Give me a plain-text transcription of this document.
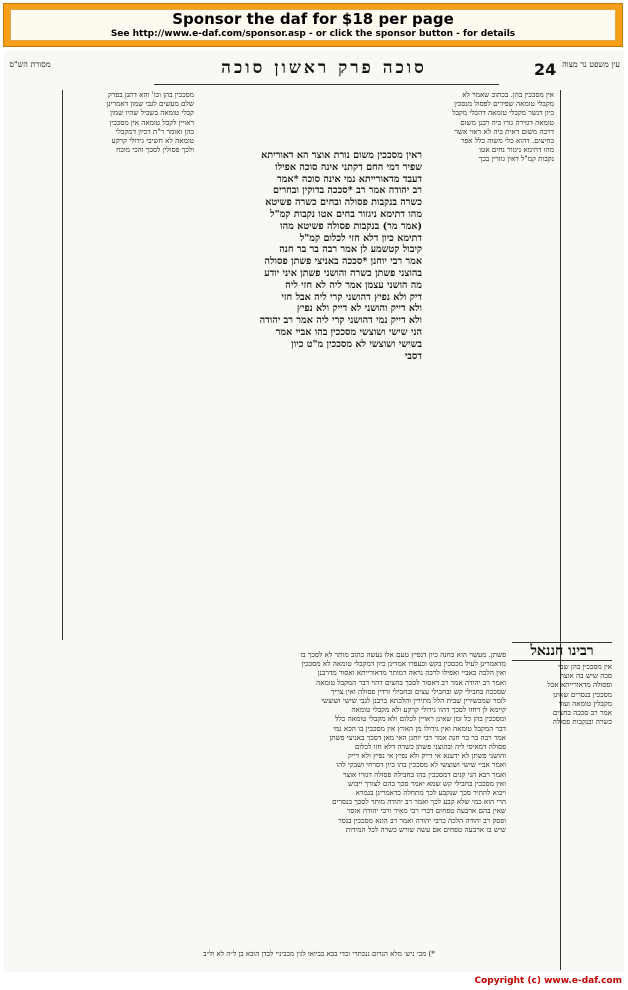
Sponsor the daf for $18 per page
See http://www.e-daf.com/sponsor.asp - or click the sponsor button - for details
24
סוכה פרק ראשון סוכה	עין משפט נר מצוה
מסורת הש"ס

ראין מסככין משום נורת אוצר הא דאוריתא

שפיר דמי החם דקתני אינה סוכה אפילו

דעבד מדאורייתא נמי אינה סוכה *אמר

רב יהודה אמר רב *סככה בדוקין ובחרים

כשרה בנקבות פסולה ובחים כשרה פשיטא

מהו דתימא ניגזור בחים אטו נקבות קמ"ל

(אמר מר) בנקבות פסולה פשיטא מהו

דתימא כיון דלא חזי לכלום קמ"ל

קיבול קטשמע לן אמר רבה בר בר חנה

אמר רבי יוחנן *סככה באניצי פשתן פסולה

בהוצני פשתן כשרה והושני פשתן איני יודע

מה הושני עצמן אמר ליה לא חזי ליה

דיק ולא נפיץ דהושני קרי ליה אבל חזי

ולא דייק והושני לא דייק ולא נפיץ

ולא דייק נמי דהושני קרי ליה אמר רב יהודה

הני שישי ושוצשי מסככין בהו אביי אמר

בשישי ושוצשי לא מסככין מ"ט כיון

דסבי

אין מסככין בהן. בכתוב שאמר לא

מקבלי טומאה שפירים לפסול מנסכין

כיון דנשר מקבלי טומאה דהכלי מקבל

טומאה דגזירה גזרו ביה רבנן משום

דרבה משום דאית ביה לא ראוי אשר

בחיצים. דהוא כלי משוה כלל אפר

מהו דהימא ניגזור נחים אטו

נקבות קמ"ל דאין גוזרין בכך

מסככין בהן וכו' והא דתנן בפרק

שלם מעשים לגבי שמון דאמרינן

קבלי טומאה בשביל שהיו שמון

ראויין לקבל טומאה אין מסככין

בהן ואומר ר"ת דכיון דמקבלי

טומאה לא חשיבי גידולי קרקע

ולכך פסולין לסכך והכי מוכח

רבינו חננאל

אין מסככין בהן שבי

סכה שיש בה אוצר

ופסולה מדאורייתא אבל

מסככין בנסרים שאינן

מקבלין טומאה ועוד

אמר רב סככה בחצים

כשרה ובנקבות פסולה

פשתן. מעשוי הוא כחנה כיון דנפיץ טעם אלו נעשה כתוב מותר לא לסכך בו

מדאמרינן לעיל מכסכין בקש ובעפרו אמרינן כיון דמקבלי טומאה לא מסככין

ואין הלכה כאביי ואפילו לרבה נראה דמותר מדאורייתא ואסור מדרבנן

ואמר רב יהודה אמר רב דאסור לסכך בחצים דהוי דבר המקבל טומאה

שסככה בחבילי קש ובחבילי עצים ובחבילי זרדין פסולה ואין צריך

לומר שמכשירין שבית הלל מתירין והלכתא כרבנן לגבי שישי ושוצשי

קיימא לן דחזו לסכך דהוו גידולי קרקע ולא מקבלי טומאה

ומסככין בהן כל זמן שאינן ראויין לכלום ולא מקבלי טומאה כלל

דבר המקבל טומאה ואין גידולו מן הארץ אין מסככין בו הכא נמי

אמר רבה בר בר חנה אמר רבי יוחנן האי מאן דסכך באניצי פשתן

פסולה דמאיסי ליה ובהוצני פשתן כשרה דלא חזו לכלום

והושני פשתן לא ידענא אי דייק ולא נפיץ אי נפיץ ולא דייק

ואמר אביי שישי ושוצשי לא מסככין בהו כיון דסרחי ושבקי להו

ואמר רבא הני קנים דמסככין בהו בחבילה פסולה דגזרו אוצר

ואין מסככין בחבילי קש שמא יאמר סכך בהם לצורך ייבוש

ויבוא להתיר סכך שנקבע לכך מתחלה כדאמרינן בגמרא

הרי הוא כמי שלא קבע לכך ואמר רב יהודה מותר לסכך בנסרים

שאין בהם ארבעה טפחים דברי רבי מאיר ורבי יהודה אוסר

ופסק רב יהודה הלכה כרבי יהודה ואמר רב הונא מסככין בנסר

שיש בו ארבעה טפחים אם עשה שורש כשרה לכל המידות

*) מכי ניש׳ מלא הנרום ננכתרי ובדי בבא כביואו לגין מכביניי לבדן הובא בן ל״ה לא ול״ב
Copyright (c) www.e-daf.com
